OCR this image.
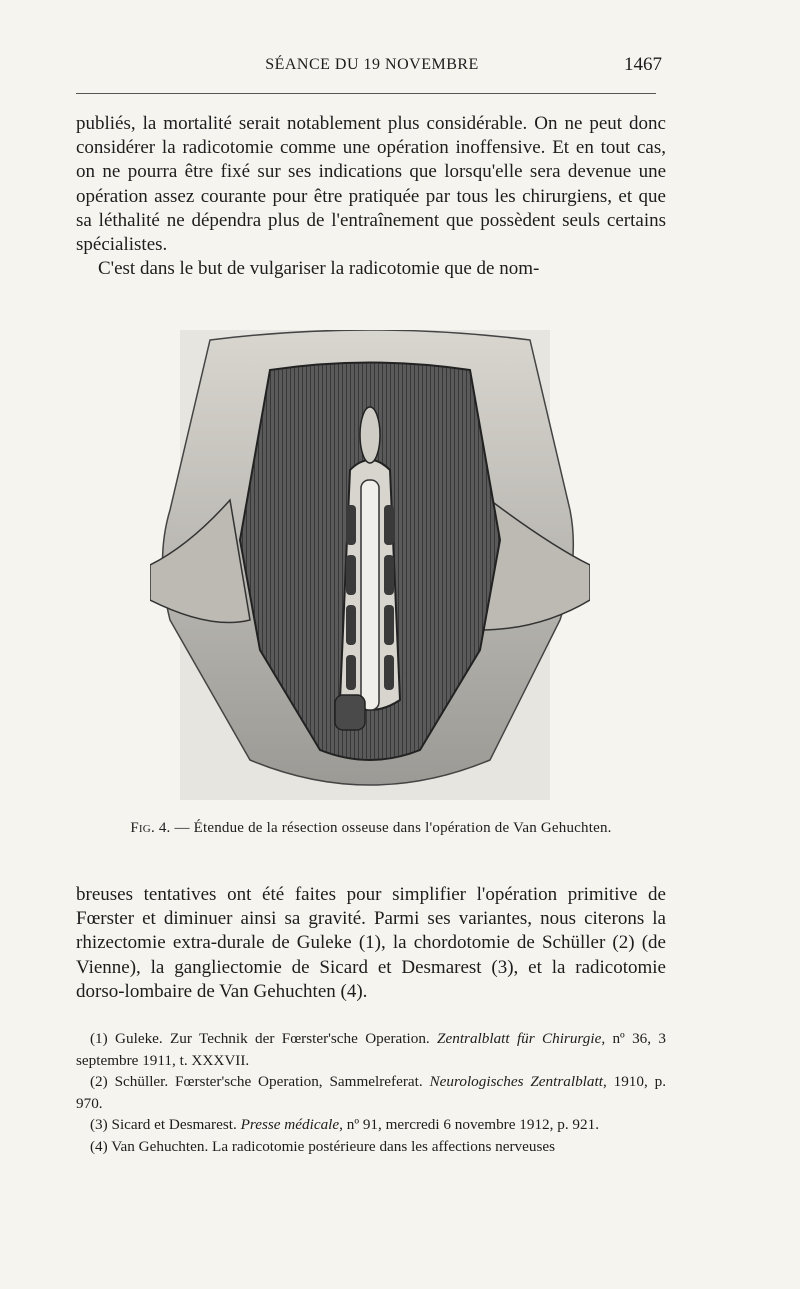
SÉANCE DU 19 NOVEMBRE	1467

publiés, la mortalité serait notablement plus considérable. On ne peut donc considérer la radicotomie comme une opération inoffensive. Et en tout cas, on ne pourra être fixé sur ses indications que lorsqu'elle sera devenue une opération assez courante pour être pratiquée par tous les chirurgiens, et que sa léthalité ne dépendra plus de l'entraînement que possèdent seuls certains spécialistes.

C'est dans le but de vulgariser la radicotomie que de nom-

Fig. 4. — Étendue de la résection osseuse dans l'opération de Van Gehuchten.

breuses tentatives ont été faites pour simplifier l'opération primitive de Fœrster et diminuer ainsi sa gravité. Parmi ses variantes, nous citerons la rhizectomie extra-durale de Guleke (1), la chordotomie de Schüller (2) (de Vienne), la gangliectomie de Sicard et Desmarest (3), et la radicotomie dorso-lombaire de Van Gehuchten (4).

(1) Guleke. Zur Technik der Fœrster'sche Operation. Zentralblatt für Chirurgie, nº 36, 3 septembre 1911, t. XXXVII.

(2) Schüller. Fœrster'sche Operation, Sammelreferat. Neurologisches Zentralblatt, 1910, p. 970.

(3) Sicard et Desmarest. Presse médicale, nº 91, mercredi 6 novembre 1912, p. 921.

(4) Van Gehuchten. La radicotomie postérieure dans les affections nerveuses
